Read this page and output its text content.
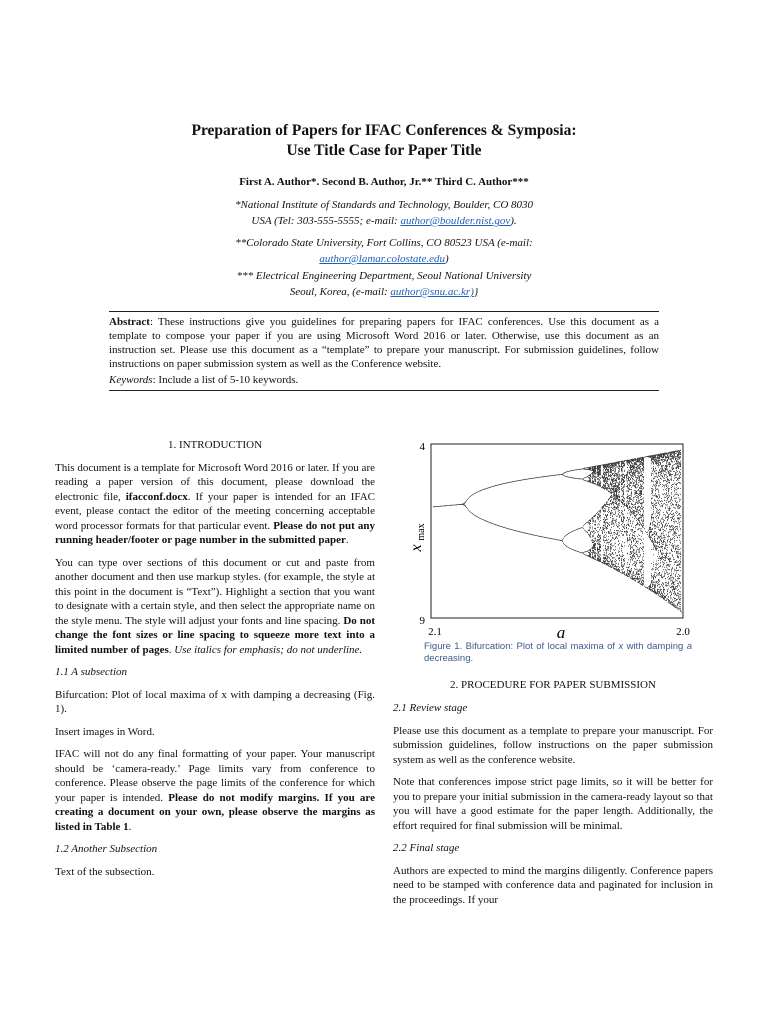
Preparation of Papers for IFAC Conferences & Symposia:
Use Title Case for Paper Title
First A. Author*. Second B. Author, Jr.** Third C. Author***
*National Institute of Standards and Technology, Boulder, CO 8030
USA (Tel: 303-555-5555; e-mail: author@boulder.nist.gov).
**Colorado State University, Fort Collins, CO 80523 USA (e-mail:
author@lamar.colostate.edu)
*** Electrical Engineering Department, Seoul National University
Seoul, Korea, (e-mail: author@snu.ac.kr)}
Abstract: These instructions give you guidelines for preparing papers for IFAC conferences. Use this document as a template to compose your paper if you are using Microsoft Word 2016 or later. Otherwise, use this document as an instruction set. Please use this document as a “template” to prepare your manuscript. For submission guidelines, follow instructions on paper submission system as well as the Conference website.
Keywords: Include a list of 5-10 keywords.
1. INTRODUCTION

This document is a template for Microsoft Word 2016 or later. If you are reading a paper version of this document, please download the electronic file, ifacconf.docx. If your paper is intended for an IFAC event, please contact the editor of the meeting concerning acceptable word processor formats for that particular event. Please do not put any running header/footer or page number in the submitted paper.

You can type over sections of this document or cut and paste from another document and then use markup styles. (for example, the style at this point in the document is “Text”). Highlight a section that you want to designate with a certain style, and then select the appropriate name on the style menu. The style will adjust your fonts and line spacing. Do not change the font sizes or line spacing to squeeze more text into a limited number of pages. Use italics for emphasis; do not underline.

1.1 A subsection

Bifurcation: Plot of local maxima of x with damping a decreasing (Fig. 1).

Insert images in Word.

IFAC will not do any final formatting of your paper. Your manuscript should be ‘camera-ready.’ Page limits vary from conference to conference. Please observe the page limits of the conference for which your paper is intended. Please do not modify margins. If you are creating a document on your own, please observe the margins as listed in Table 1.

1.2 Another Subsection

Text of the subsection.

4
9
2.1	2.0
a
x
max
Figure 1. Bifurcation: Plot of local maxima of x with damping a decreasing.
2. PROCEDURE FOR PAPER SUBMISSION

2.1 Review stage

Please use this document as a template to prepare your manuscript. For submission guidelines, follow instructions on the paper submission system as well as the conference website.

Note that conferences impose strict page limits, so it will be better for you to prepare your initial submission in the camera-ready layout so that you will have a good estimate for the paper length. Additionally, the effort required for final submission will be minimal.

2.2 Final stage

Authors are expected to mind the margins diligently. Conference papers need to be stamped with conference data and paginated for inclusion in the proceedings. If your
